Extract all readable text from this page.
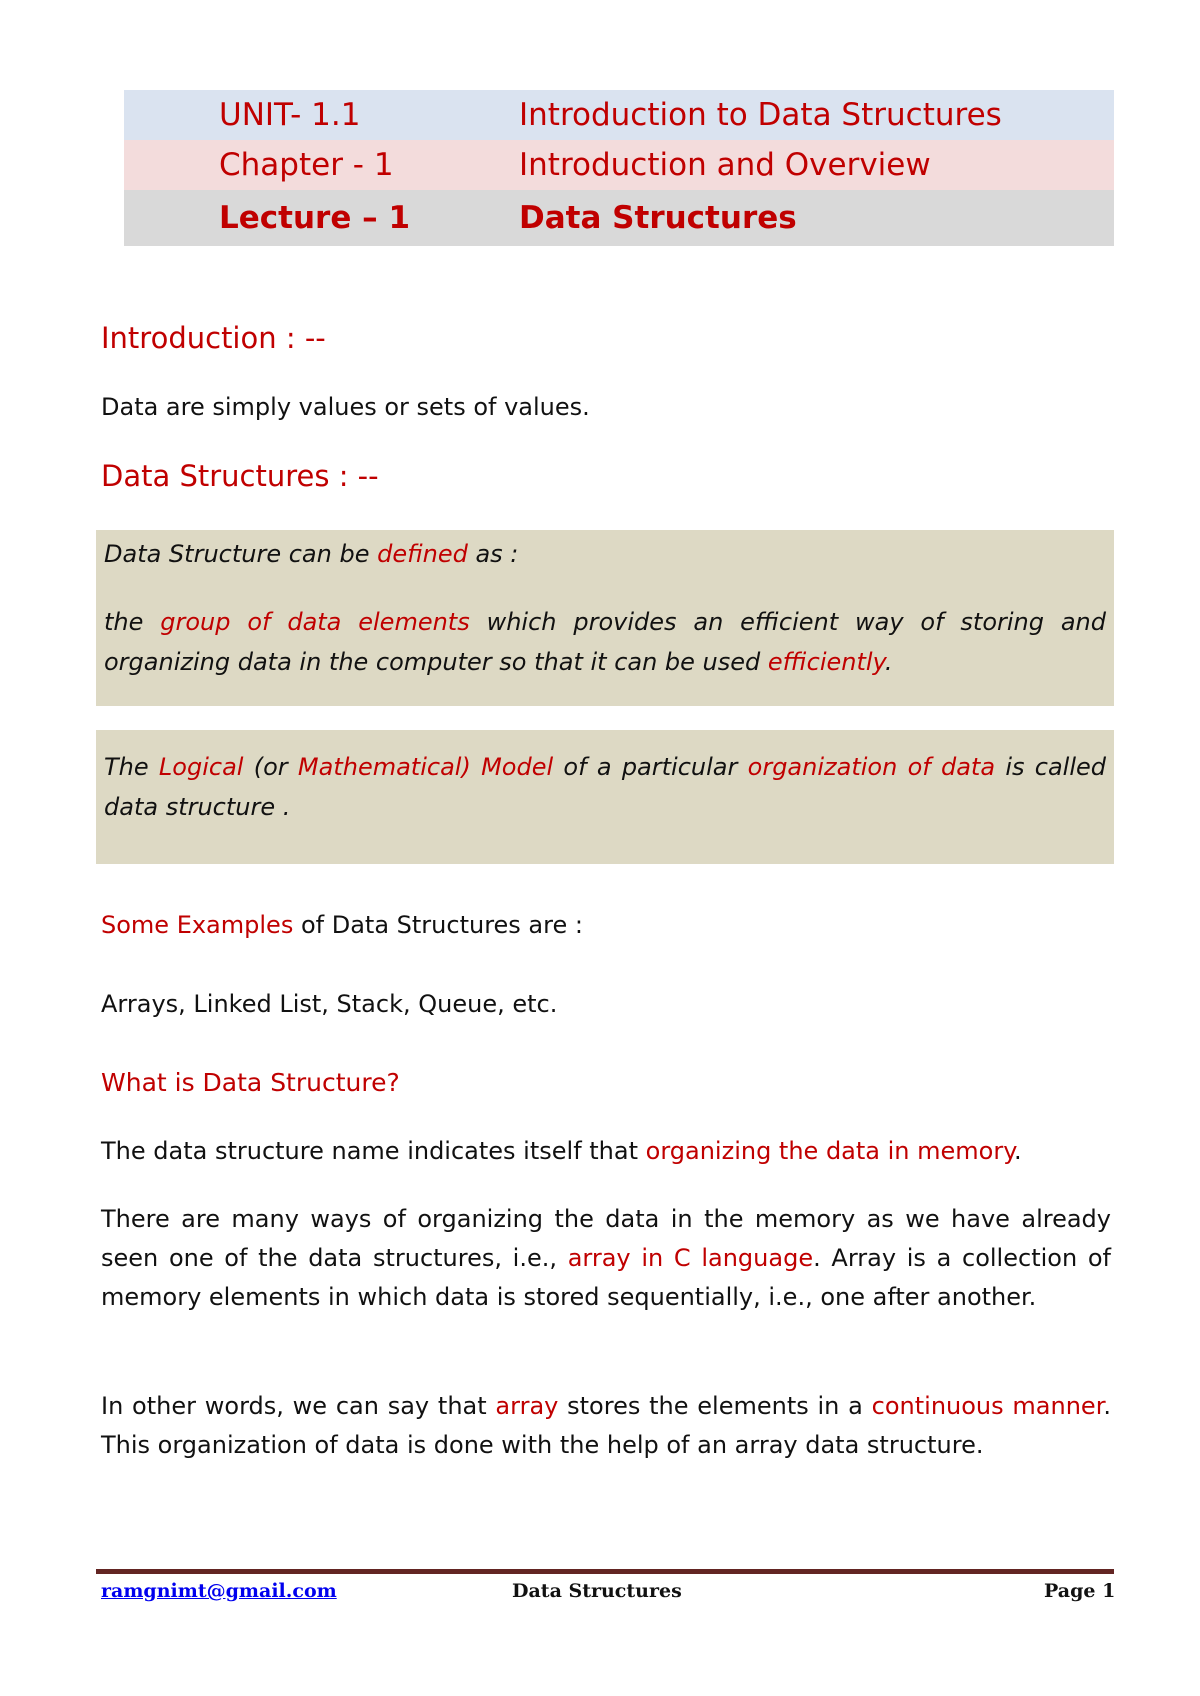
UNIT- 1.1	Introduction to Data Structures
Chapter - 1	Introduction and Overview
Lecture – 1	Data Structures

Introduction : --

Data are simply values or sets of values.

Data Structures : --

Data Structure can be defined as :

the group of data elements which provides an efficient way of storing and organizing data in the computer so that it can be used efficiently.

The Logical (or Mathematical) Model of a particular organization of data is called data structure .

Some Examples of Data Structures are :

Arrays, Linked List, Stack, Queue, etc.

What is Data Structure?

The data structure name indicates itself that organizing the data in memory.

There are many ways of organizing the data in the memory as we have already seen one of the data structures, i.e., array in C language. Array is a collection of memory elements in which data is stored sequentially, i.e., one after another.

In other words, we can say that array stores the elements in a continuous manner. This organization of data is done with the help of an array data structure.

ramgnimt@gmail.com	Data Structures	Page 1
